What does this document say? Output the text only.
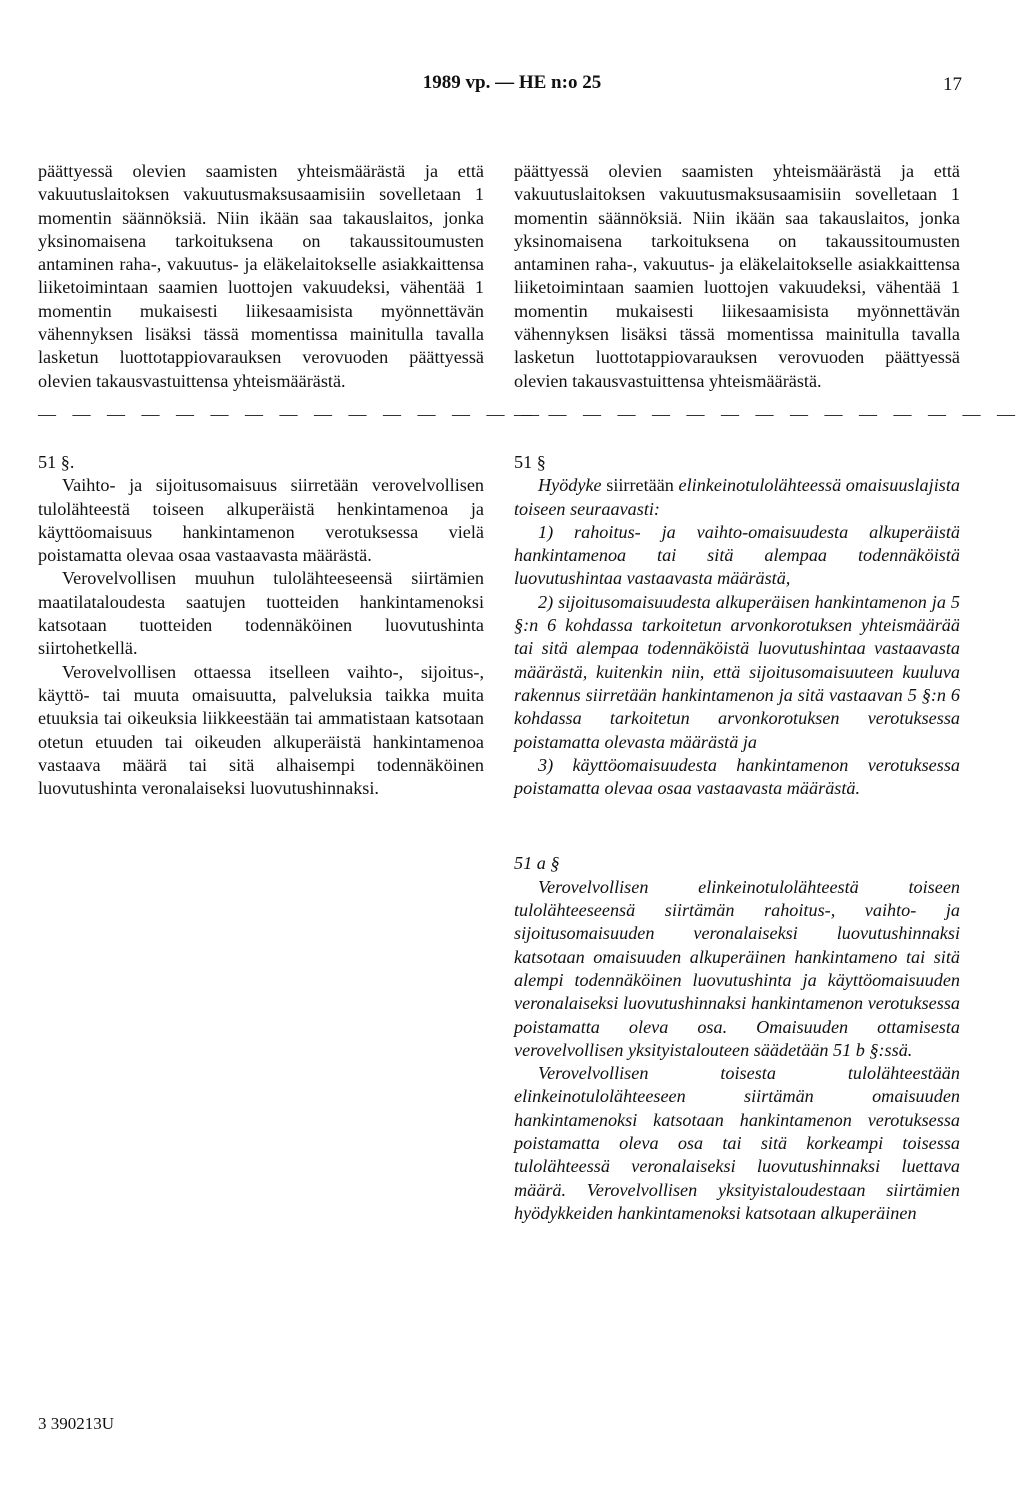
1989 vp. — HE n:o 25	17

päättyessä olevien saamisten yhteismäärästä ja että vakuutuslaitoksen vakuutusmaksusaamisiin sovelletaan 1 momentin säännöksiä. Niin ikään saa takauslaitos, jonka yksinomaisena tarkoituksena on takaussitoumusten antaminen raha-, vakuutus- ja eläkelaitokselle asiakkaittensa liiketoimintaan saamien luottojen vakuudeksi, vähentää 1 momentin mukaisesti liikesaamisista myönnettävän vähennyksen lisäksi tässä momentissa mainitulla tavalla lasketun luottotappiovarauksen verovuoden päättyessä olevien takausvastuittensa yhteismäärästä.

— — — — — — — — — — — — — — —

51 §.

Vaihto- ja sijoitusomaisuus siirretään verovelvollisen tulolähteestä toiseen alkuperäistä henkintamenoa ja käyttöomaisuus hankintamenon verotuksessa vielä poistamatta olevaa osaa vastaavasta määrästä.

Verovelvollisen muuhun tulolähteeseensä siirtämien maatilataloudesta saatujen tuotteiden hankintamenoksi katsotaan tuotteiden todennäköinen luovutushinta siirtohetkellä.

Verovelvollisen ottaessa itselleen vaihto-, sijoitus-, käyttö- tai muuta omaisuutta, palveluksia taikka muita etuuksia tai oikeuksia liikkeestään tai ammatistaan katsotaan otetun etuuden tai oikeuden alkuperäistä hankintamenoa vastaava määrä tai sitä alhaisempi todennäköinen luovutushinta veronalaiseksi luovutushinnaksi.

päättyessä olevien saamisten yhteismäärästä ja että vakuutuslaitoksen vakuutusmaksusaamisiin sovelletaan 1 momentin säännöksiä. Niin ikään saa takauslaitos, jonka yksinomaisena tarkoituksena on takaussitoumusten antaminen raha-, vakuutus- ja eläkelaitokselle asiakkaittensa liiketoimintaan saamien luottojen vakuudeksi, vähentää 1 momentin mukaisesti liikesaamisista myönnettävän vähennyksen lisäksi tässä momentissa mainitulla tavalla lasketun luottotappiovarauksen verovuoden päättyessä olevien takausvastuittensa yhteismäärästä.

— — — — — — — — — — — — — — —

51 §

Hyödyke siirretään elinkeinotulolähteessä omaisuuslajista toiseen seuraavasti:

1) rahoitus- ja vaihto-omaisuudesta alkuperäistä hankintamenoa tai sitä alempaa todennäköistä luovutushintaa vastaavasta määrästä,

2) sijoitusomaisuudesta alkuperäisen hankintamenon ja 5 §:n 6 kohdassa tarkoitetun arvonkorotuksen yhteismäärää tai sitä alempaa todennäköistä luovutushintaa vastaavasta määrästä, kuitenkin niin, että sijoitusomaisuuteen kuuluva rakennus siirretään hankintamenon ja sitä vastaavan 5 §:n 6 kohdassa tarkoitetun arvonkorotuksen verotuksessa poistamatta olevasta määrästä ja

3) käyttöomaisuudesta hankintamenon verotuksessa poistamatta olevaa osaa vastaavasta määrästä.

51 a §

Verovelvollisen elinkeinotulolähteestä toiseen tulolähteeseensä siirtämän rahoitus-, vaihto- ja sijoitusomaisuuden veronalaiseksi luovutushinnaksi katsotaan omaisuuden alkuperäinen hankintameno tai sitä alempi todennäköinen luovutushinta ja käyttöomaisuuden veronalaiseksi luovutushinnaksi hankintamenon verotuksessa poistamatta oleva osa. Omaisuuden ottamisesta verovelvollisen yksityistalouteen säädetään 51 b §:ssä.

Verovelvollisen toisesta tulolähteestään elinkeinotulolähteeseen siirtämän omaisuuden hankintamenoksi katsotaan hankintamenon verotuksessa poistamatta oleva osa tai sitä korkeampi toisessa tulolähteessä veronalaiseksi luovutushinnaksi luettava määrä. Verovelvollisen yksityistaloudestaan siirtämien hyödykkeiden hankintamenoksi katsotaan alkuperäinen

3 390213U
